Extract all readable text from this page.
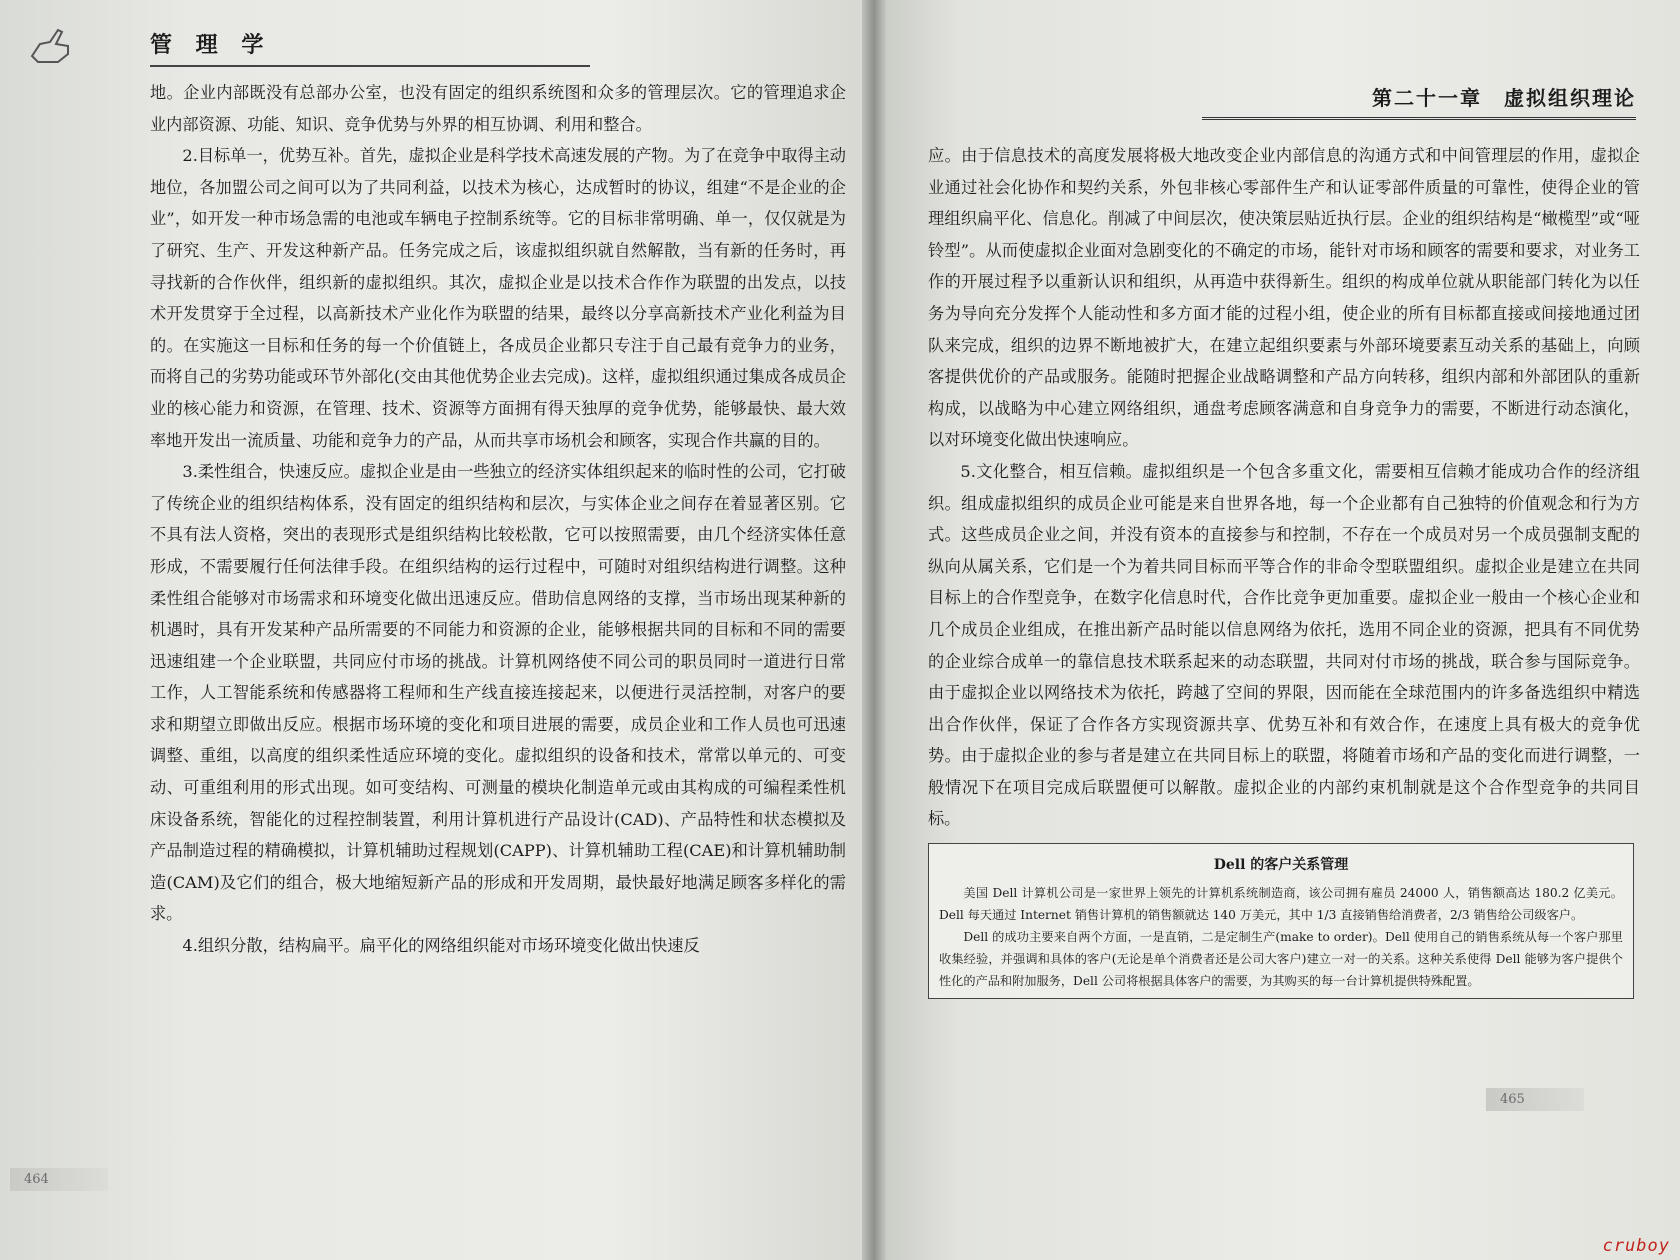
管 理 学

地。企业内部既没有总部办公室，也没有固定的组织系统图和众多的管理层次。它的管理追求企业内部资源、功能、知识、竞争优势与外界的相互协调、利用和整合。

2.目标单一，优势互补。首先，虚拟企业是科学技术高速发展的产物。为了在竞争中取得主动地位，各加盟公司之间可以为了共同利益，以技术为核心，达成暂时的协议，组建“不是企业的企业”，如开发一种市场急需的电池或车辆电子控制系统等。它的目标非常明确、单一，仅仅就是为了研究、生产、开发这种新产品。任务完成之后，该虚拟组织就自然解散，当有新的任务时，再寻找新的合作伙伴，组织新的虚拟组织。其次，虚拟企业是以技术合作作为联盟的出发点，以技术开发贯穿于全过程，以高新技术产业化作为联盟的结果，最终以分享高新技术产业化利益为目的。在实施这一目标和任务的每一个价值链上，各成员企业都只专注于自己最有竞争力的业务，而将自己的劣势功能或环节外部化(交由其他优势企业去完成)。这样，虚拟组织通过集成各成员企业的核心能力和资源，在管理、技术、资源等方面拥有得天独厚的竞争优势，能够最快、最大效率地开发出一流质量、功能和竞争力的产品，从而共享市场机会和顾客，实现合作共赢的目的。

3.柔性组合，快速反应。虚拟企业是由一些独立的经济实体组织起来的临时性的公司，它打破了传统企业的组织结构体系，没有固定的组织结构和层次，与实体企业之间存在着显著区别。它不具有法人资格，突出的表现形式是组织结构比较松散，它可以按照需要，由几个经济实体任意形成，不需要履行任何法律手段。在组织结构的运行过程中，可随时对组织结构进行调整。这种柔性组合能够对市场需求和环境变化做出迅速反应。借助信息网络的支撑，当市场出现某种新的机遇时，具有开发某种产品所需要的不同能力和资源的企业，能够根据共同的目标和不同的需要迅速组建一个企业联盟，共同应付市场的挑战。计算机网络使不同公司的职员同时一道进行日常工作，人工智能系统和传感器将工程师和生产线直接连接起来，以便进行灵活控制，对客户的要求和期望立即做出反应。根据市场环境的变化和项目进展的需要，成员企业和工作人员也可迅速调整、重组，以高度的组织柔性适应环境的变化。虚拟组织的设备和技术，常常以单元的、可变动、可重组利用的形式出现。如可变结构、可测量的模块化制造单元或由其构成的可编程柔性机床设备系统，智能化的过程控制装置，利用计算机进行产品设计(CAD)、产品特性和状态模拟及产品制造过程的精确模拟，计算机辅助过程规划(CAPP)、计算机辅助工程(CAE)和计算机辅助制造(CAM)及它们的组合，极大地缩短新产品的形成和开发周期，最快最好地满足顾客多样化的需求。

4.组织分散，结构扁平。扁平化的网络组织能对市场环境变化做出快速反

应。由于信息技术的高度发展将极大地改变企业内部信息的沟通方式和中间管理层的作用，虚拟企业通过社会化协作和契约关系，外包非核心零部件生产和认证零部件质量的可靠性，使得企业的管理组织扁平化、信息化。削减了中间层次，使决策层贴近执行层。企业的组织结构是“橄榄型”或“哑铃型”。从而使虚拟企业面对急剧变化的不确定的市场，能针对市场和顾客的需要和要求，对业务工作的开展过程予以重新认识和组织，从再造中获得新生。组织的构成单位就从职能部门转化为以任务为导向充分发挥个人能动性和多方面才能的过程小组，使企业的所有目标都直接或间接地通过团队来完成，组织的边界不断地被扩大，在建立起组织要素与外部环境要素互动关系的基础上，向顾客提供优价的产品或服务。能随时把握企业战略调整和产品方向转移，组织内部和外部团队的重新构成，以战略为中心建立网络组织，通盘考虑顾客满意和自身竞争力的需要，不断进行动态演化，以对环境变化做出快速响应。

5.文化整合，相互信赖。虚拟组织是一个包含多重文化，需要相互信赖才能成功合作的经济组织。组成虚拟组织的成员企业可能是来自世界各地，每一个企业都有自己独特的价值观念和行为方式。这些成员企业之间，并没有资本的直接参与和控制，不存在一个成员对另一个成员强制支配的纵向从属关系，它们是一个为着共同目标而平等合作的非命令型联盟组织。虚拟企业是建立在共同目标上的合作型竞争，在数字化信息时代，合作比竞争更加重要。虚拟企业一般由一个核心企业和几个成员企业组成，在推出新产品时能以信息网络为依托，选用不同企业的资源，把具有不同优势的企业综合成单一的靠信息技术联系起来的动态联盟，共同对付市场的挑战，联合参与国际竞争。由于虚拟企业以网络技术为依托，跨越了空间的界限，因而能在全球范围内的许多备选组织中精选出合作伙伴，保证了合作各方实现资源共享、优势互补和有效合作，在速度上具有极大的竞争优势。由于虚拟企业的参与者是建立在共同目标上的联盟，将随着市场和产品的变化而进行调整，一般情况下在项目完成后联盟便可以解散。虚拟企业的内部约束机制就是这个合作型竞争的共同目标。

Dell 的客户关系管理

美国 Dell 计算机公司是一家世界上领先的计算机系统制造商，该公司拥有雇员 24000 人，销售额高达 180.2 亿美元。Dell 每天通过 Internet 销售计算机的销售额就达 140 万美元，其中 1/3 直接销售给消费者，2/3 销售给公司级客户。

Dell 的成功主要来自两个方面，一是直销，二是定制生产(make to order)。Dell 使用自己的销售系统从每一个客户那里收集经验，并强调和具体的客户(无论是单个消费者还是公司大客户)建立一对一的关系。这种关系使得 Dell 能够为客户提供个性化的产品和附加服务，Dell 公司将根据具体客户的需要，为其购买的每一台计算机提供特殊配置。

第二十一章　虚拟组织理论
464
465
cruboy
